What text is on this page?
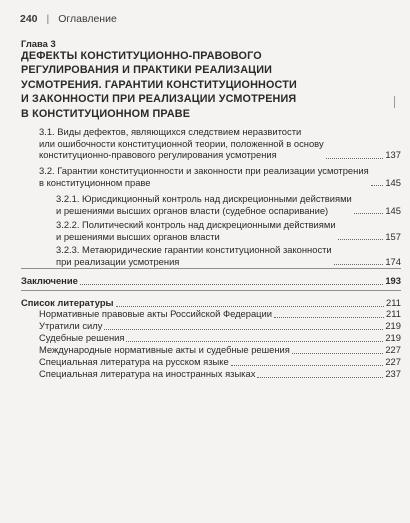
240 | Оглавление
Глава 3
ДЕФЕКТЫ КОНСТИТУЦИОННО-ПРАВОВОГО
РЕГУЛИРОВАНИЯ И ПРАКТИКИ РЕАЛИЗАЦИИ
УСМОТРЕНИЯ. ГАРАНТИИ КОНСТИТУЦИОННОСТИ
И ЗАКОННОСТИ ПРИ РЕАЛИЗАЦИИ УСМОТРЕНИЯ
В КОНСТИТУЦИОННОМ ПРАВЕ
3.1. Виды дефектов, являющихся следствием неразвитости
или ошибочности конституционной теории, положенной в основу
конституционно-правового регулирования усмотрения	137
3.2. Гарантии конституционности и законности при реализации усмотрения
в конституционном праве	145
3.2.1. Юрисдикционный контроль над дискреционными действиями
и решениями высших органов власти (судебное оспаривание)	145
3.2.2. Политический контроль над дискреционными действиями
и решениями высших органов власти	157
3.2.3. Метаюридические гарантии конституционной законности
при реализации усмотрения	174
Заключение	193
Список литературы	211
Нормативные правовые акты Российской Федерации	211
Утратили силу	219
Судебные решения	219
Международные нормативные акты и судебные решения	227
Специальная литература на русском языке	227
Специальная литература на иностранных языках	237
